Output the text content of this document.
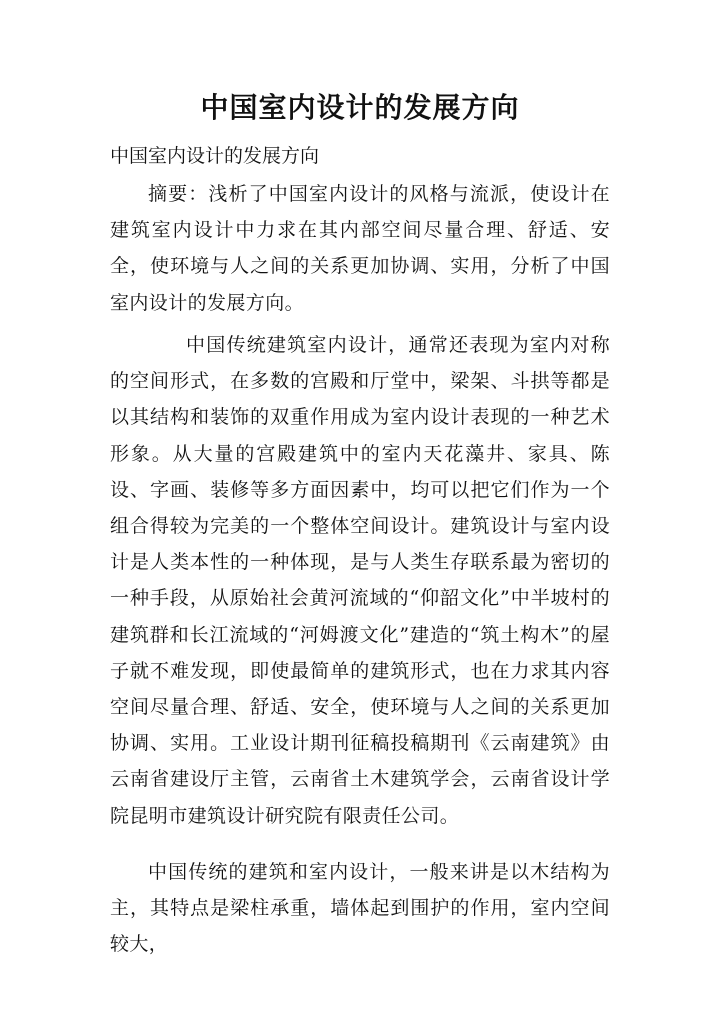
中国室内设计的发展方向

中国室内设计的发展方向

摘要：浅析了中国室内设计的风格与流派，使设计在建筑室内设计中力求在其内部空间尽量合理、舒适、安全，使环境与人之间的关系更加协调、实用，分析了中国室内设计的发展方向。

中国传统建筑室内设计，通常还表现为室内对称的空间形式，在多数的宫殿和厅堂中，梁架、斗拱等都是以其结构和装饰的双重作用成为室内设计表现的一种艺术形象。从大量的宫殿建筑中的室内天花藻井、家具、陈设、字画、装修等多方面因素中，均可以把它们作为一个组合得较为完美的一个整体空间设计。建筑设计与室内设计是人类本性的一种体现，是与人类生存联系最为密切的一种手段，从原始社会黄河流域的“仰韶文化”中半坡村的建筑群和长江流域的“河姆渡文化”建造的“筑土构木”的屋子就不难发现，即使最简单的建筑形式，也在力求其内容空间尽量合理、舒适、安全，使环境与人之间的关系更加协调、实用。工业设计期刊征稿投稿期刊《云南建筑》由云南省建设厅主管，云南省土木建筑学会，云南省设计学院昆明市建筑设计研究院有限责任公司。

中国传统的建筑和室内设计，一般来讲是以木结构为主，其特点是梁柱承重，墙体起到围护的作用，室内空间较大，
